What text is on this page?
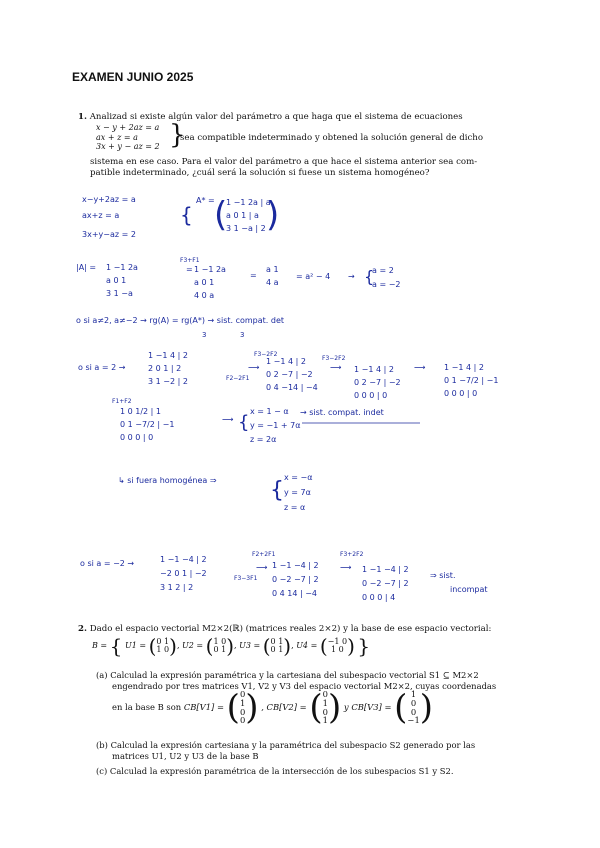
EXAMEN JUNIO 2025
1. Analizad si existe algún valor del parámetro a que haga que el sistema de ecuaciones
x − y + 2az = a
ax + z = a
3x + y − az = 2 }
sea compatible indeterminado y obtened la solución general de dicho
sistema en ese caso. Para el valor del parámetro a que hace el sistema anterior sea com-
patible indeterminado, ¿cuál será la solución si fuese un sistema homogéneo?
x−y+2az = a
ax+z = a
3x+y−az = 2
{
A* = 1 −1 2a | a
a 0 1 | a
3 1 −a | 2
( )
|A| = 1 −1 2a
a 0 1
3 1 −a
F3+F1
= 1 −1 2a
a 0 1
4 0 a
=
a 1
4 a
= a² − 4 → {
a = 2
a = −2
o si a≠2, a≠−2 → rg(A) = rg(A*) → sist. compat. det
3	3
o si a = 2 →
1 −1 4 | 2
2 0 1 | 2
3 1 −2 | 2
F3−2F2
F2−2F1
⟶
1 −1 4 | 2
0 2 −7 | −2
0 4 −14 | −4
F3−2F2
⟶ 1 −1 4 | 2
0 2 −7 | −2
0 0 0 | 0
⟶ 1 −1 4 | 2
0 1 −7/2 | −1
0 0 0 | 0
F1+F2
1 0 1/2 | 1
0 1 −7/2 | −1
0 0 0 | 0
⟶ {
x = 1 − α
y = −1 + 7α
z = 2α
→ sist. compat. indet
↳ si fuera homogénea ⇒ {
x = −α
y = 7α
z = α
o si a = −2 →	1 −1 −4 | 2
−2 0 1 | −2
3 1 2 | 2
F2+2F1
F3−3F1
⟶ 1 −1 −4 | 2
0 −2 −7 | 2
0 4 14 | −4
F3+2F2
⟶ 1 −1 −4 | 2
0 −2 −7 | 2
0 0 0 | 4
⇒ sist.
incompat
2. Dado el espacio vectorial M2×2(ℝ) (matrices reales 2×2) y la base de ese espacio vectorial:
B = { U1 = (0 1
1 0), U2 = (1 0
0 1), U3 = (0 1
0 1), U4 = (−1 0
1 0 ) }
(a) Calculad la expresión paramétrica y la cartesiana del subespacio vectorial S1 ⊆ M2×2
engendrado por tres matrices V1, V2 y V3 del espacio vectorial M2×2, cuyas coordenadas
en la base B son CB[V1] = (0
1
0
0) , CB[V2] = (0
1
0
1) y CB[V3] = ( 1
0
0
−1)
(b) Calculad la expresión cartesiana y la paramétrica del subespacio S2 generado por las
matrices U1, U2 y U3 de la base B
(c) Calculad la expresión paramétrica de la intersección de los subespacios S1 y S2.
